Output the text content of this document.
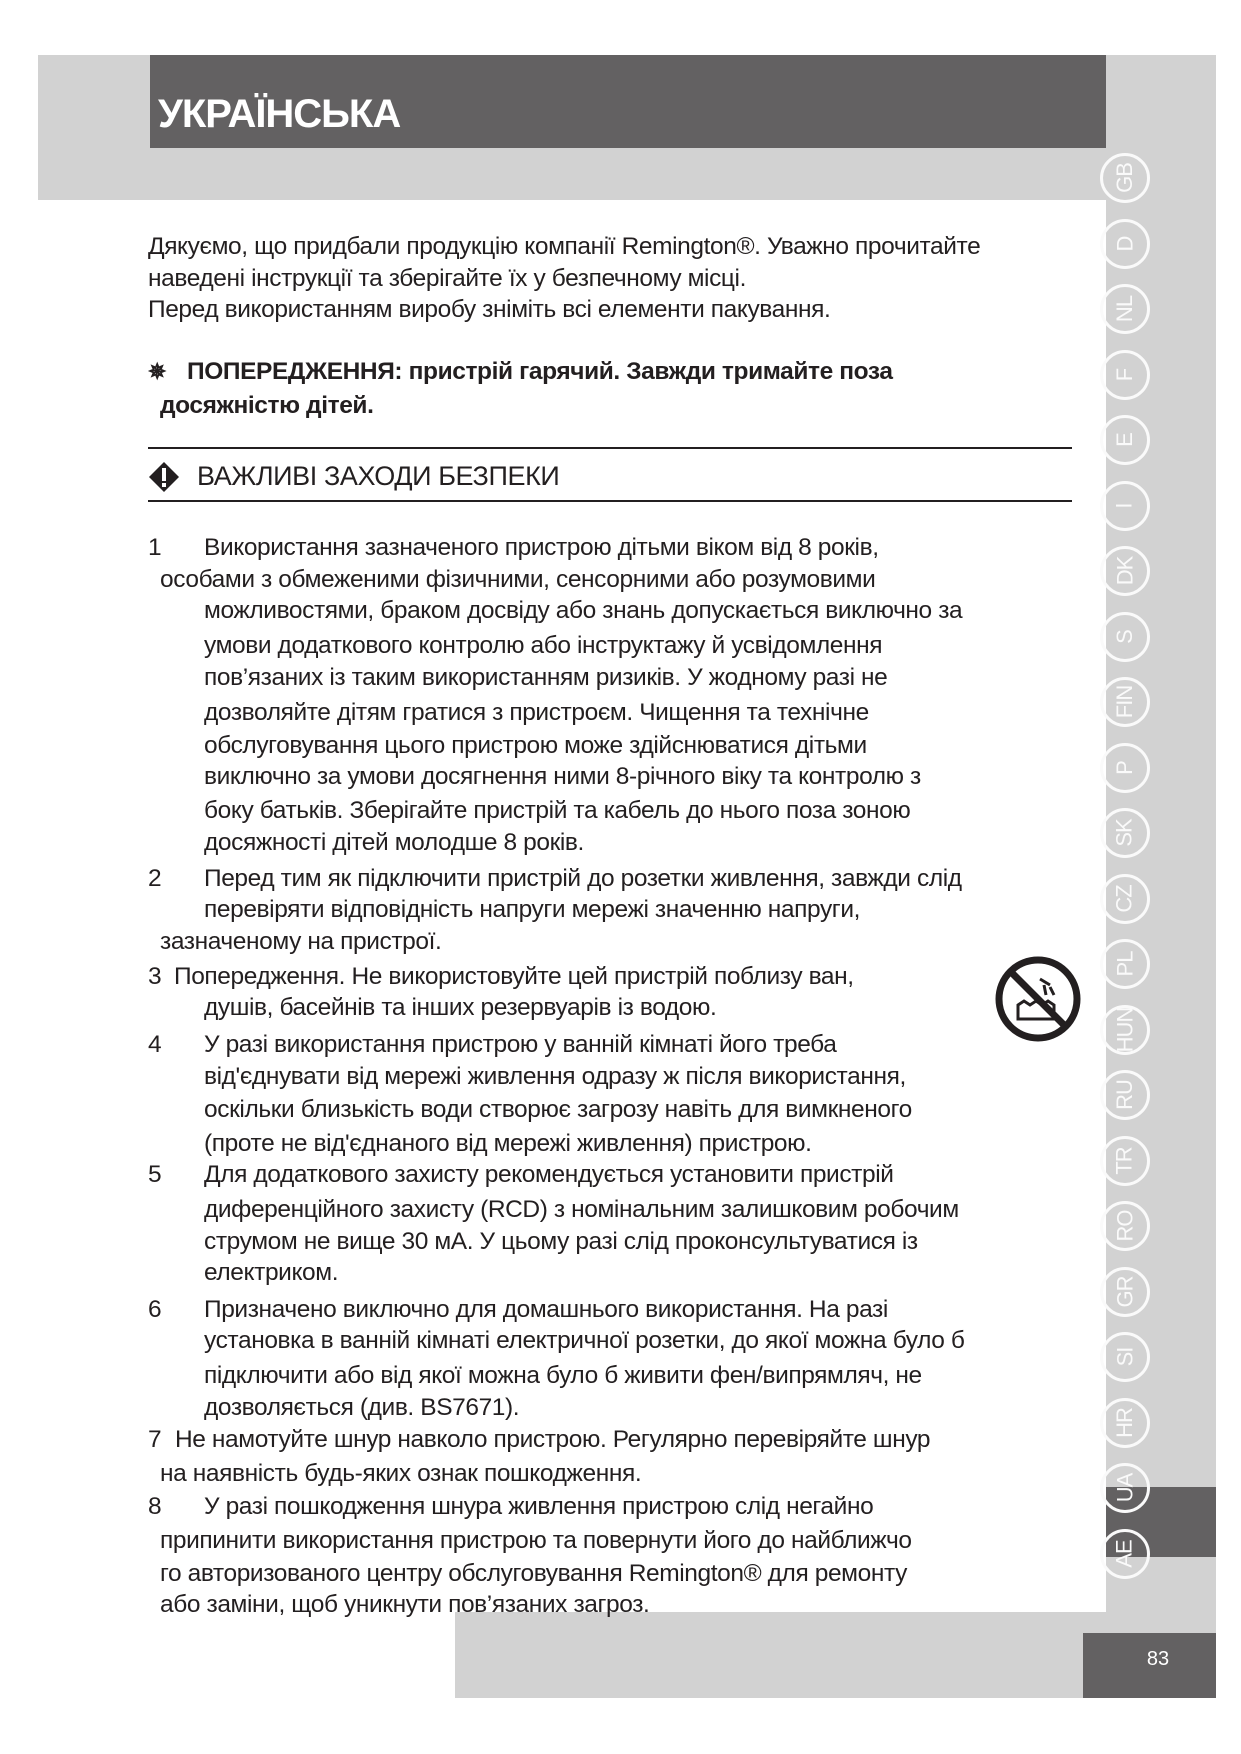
УКРАЇНСЬКА
83
GB
D
NL
F
E
I
DK
S
FIN
P
SK
CZ
PL
HUN
RU
TR
RO
GR
SI
HR
UA
AE
Дякуємо, що придбали продукцію компанії Remington®. Уважно прочитайте
наведені інструкції та зберігайте їх у безпечному місці.
Перед використанням виробу зніміть всі елементи пакування.
✵ ПОПЕРЕДЖЕННЯ: пристрій гарячий. Завжди тримайте поза
досяжністю дітей.
ВАЖЛИВІ ЗАХОДИ БЕЗПЕКИ
1 Використання зазначеного пристрою дітьми віком від 8 років,
особами з обмеженими фізичними, сенсорними або розумовими
можливостями, браком досвіду або знань допускається виключно за
умови додаткового контролю або інструктажу й усвідомлення
пов’язаних із таким використанням ризиків. У жодному разі не
дозволяйте дітям гратися з пристроєм. Чищення та технічне
обслуговування цього пристрою може здійснюватися дітьми
виключно за умови досягнення ними 8-річного віку та контролю з
боку батьків. Зберігайте пристрій та кабель до нього поза зоною
досяжності дітей молодше 8 років.
2 Перед тим як підключити пристрій до розетки живлення, завжди слід
перевіряти відповідність напруги мережі значенню напруги,
зазначеному на пристрої.
3 Попередження. Не використовуйте цей пристрій поблизу ван,
душів, басейнів та інших резервуарів із водою.
4 У разі використання пристрою у ванній кімнаті його треба
від'єднувати від мережі живлення одразу ж після використання,
оскільки близькість води створює загрозу навіть для вимкненого
(проте не від'єднаного від мережі живлення) пристрою.
5 Для додаткового захисту рекомендується установити пристрій
диференційного захисту (RCD) з номінальним залишковим робочим
струмом не вище 30 мА. У цьому разі слід проконсультуватися із
електриком.
6 Призначено виключно для домашнього використання. На разі
установка в ванній кімнаті електричної розетки, до якої можна було б
підключити або від якої можна було б живити фен/випрямляч, не
дозволяється (див. BS7671).
7 Не намотуйте шнур навколо пристрою. Регулярно перевіряйте шнур
на наявність будь-яких ознак пошкодження.
8 У разі пошкодження шнура живлення пристрою слід негайно
припинити використання пристрою та повернути його до найближчо
го авторизованого центру обслуговування Remington® для ремонту
або заміни, щоб уникнути пов’язаних загроз.
